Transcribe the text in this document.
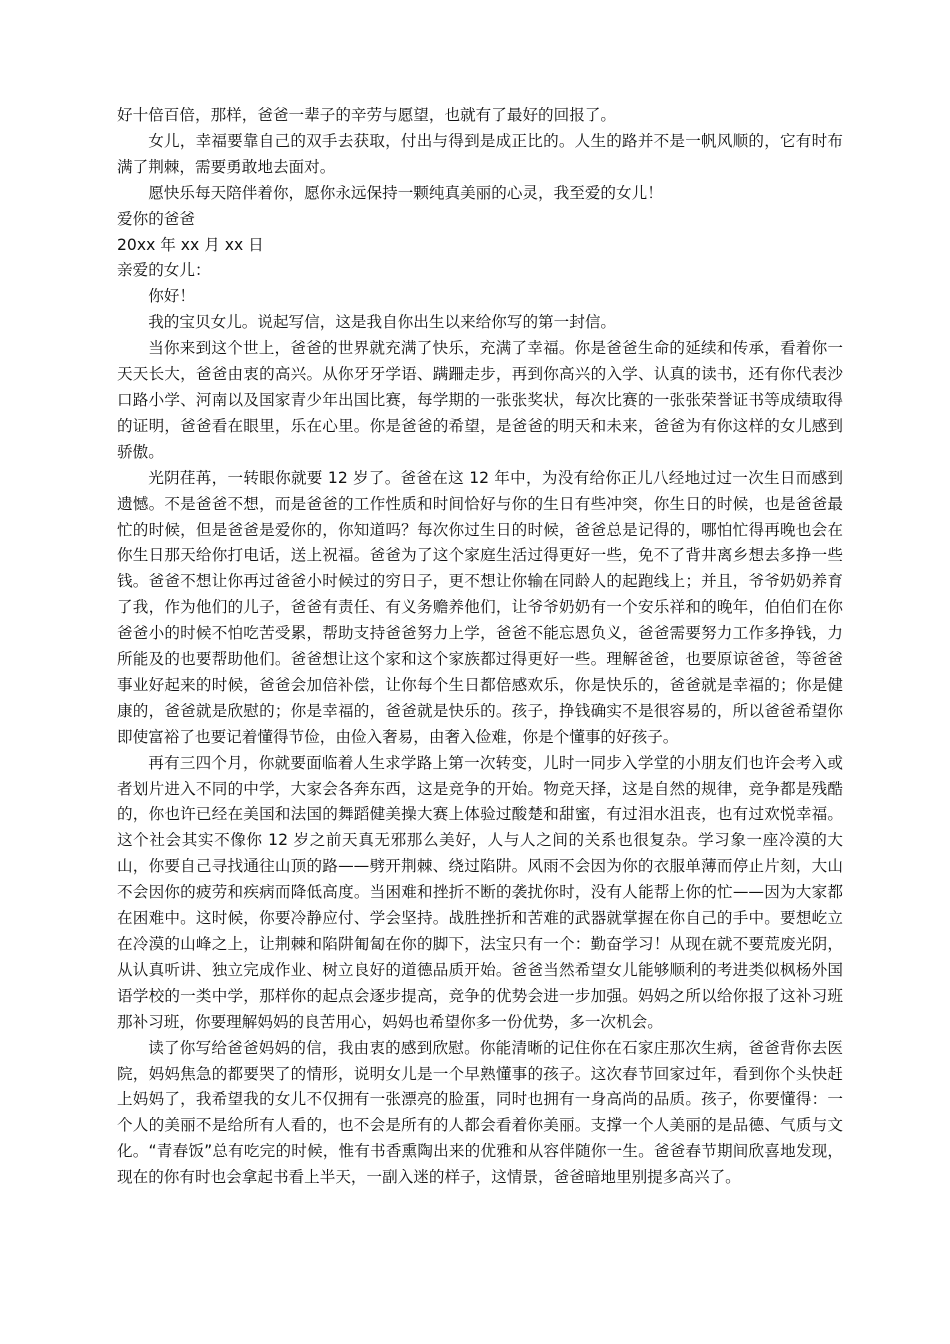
好十倍百倍，那样，爸爸一辈子的辛劳与愿望，也就有了最好的回报了。

女儿，幸福要靠自己的双手去获取，付出与得到是成正比的。人生的路并不是一帆风顺的，它有时布满了荆棘，需要勇敢地去面对。

愿快乐每天陪伴着你，愿你永远保持一颗纯真美丽的心灵，我至爱的女儿！

爱你的爸爸

20xx 年 xx 月 xx 日

亲爱的女儿：

你好！

我的宝贝女儿。说起写信，这是我自你出生以来给你写的第一封信。

当你来到这个世上，爸爸的世界就充满了快乐，充满了幸福。你是爸爸生命的延续和传承，看着你一天天长大，爸爸由衷的高兴。从你牙牙学语、蹒跚走步，再到你高兴的入学、认真的读书，还有你代表沙口路小学、河南以及国家青少年出国比赛，每学期的一张张奖状，每次比赛的一张张荣誉证书等成绩取得的证明，爸爸看在眼里，乐在心里。你是爸爸的希望，是爸爸的明天和未来，爸爸为有你这样的女儿感到骄傲。

光阴荏苒，一转眼你就要 12 岁了。爸爸在这 12 年中，为没有给你正儿八经地过过一次生日而感到遗憾。不是爸爸不想，而是爸爸的工作性质和时间恰好与你的生日有些冲突，你生日的时候，也是爸爸最忙的时候，但是爸爸是爱你的，你知道吗？每次你过生日的时候，爸爸总是记得的，哪怕忙得再晚也会在你生日那天给你打电话，送上祝福。爸爸为了这个家庭生活过得更好一些，免不了背井离乡想去多挣一些钱。爸爸不想让你再过爸爸小时候过的穷日子，更不想让你输在同龄人的起跑线上；并且，爷爷奶奶养育了我，作为他们的儿子，爸爸有责任、有义务赡养他们，让爷爷奶奶有一个安乐祥和的晚年，伯伯们在你爸爸小的时候不怕吃苦受累，帮助支持爸爸努力上学，爸爸不能忘恩负义，爸爸需要努力工作多挣钱，力所能及的也要帮助他们。爸爸想让这个家和这个家族都过得更好一些。理解爸爸，也要原谅爸爸，等爸爸事业好起来的时候，爸爸会加倍补偿，让你每个生日都倍感欢乐，你是快乐的，爸爸就是幸福的；你是健康的，爸爸就是欣慰的；你是幸福的，爸爸就是快乐的。孩子，挣钱确实不是很容易的，所以爸爸希望你即使富裕了也要记着懂得节俭，由俭入奢易，由奢入俭难，你是个懂事的好孩子。

再有三四个月，你就要面临着人生求学路上第一次转变，儿时一同步入学堂的小朋友们也许会考入或者划片进入不同的中学，大家会各奔东西，这是竞争的开始。物竞天择，这是自然的规律，竞争都是残酷的，你也许已经在美国和法国的舞蹈健美操大赛上体验过酸楚和甜蜜，有过泪水沮丧，也有过欢悦幸福。这个社会其实不像你 12 岁之前天真无邪那么美好，人与人之间的关系也很复杂。学习象一座冷漠的大山，你要自己寻找通往山顶的路——劈开荆棘、绕过陷阱。风雨不会因为你的衣服单薄而停止片刻，大山不会因你的疲劳和疾病而降低高度。当困难和挫折不断的袭扰你时，没有人能帮上你的忙——因为大家都在困难中。这时候，你要冷静应付、学会坚持。战胜挫折和苦难的武器就掌握在你自己的手中。要想屹立在冷漠的山峰之上，让荆棘和陷阱匍匐在你的脚下，法宝只有一个：勤奋学习！从现在就不要荒废光阴，从认真听讲、独立完成作业、树立良好的道德品质开始。爸爸当然希望女儿能够顺利的考进类似枫杨外国语学校的一类中学，那样你的起点会逐步提高，竞争的优势会进一步加强。妈妈之所以给你报了这补习班那补习班，你要理解妈妈的良苦用心，妈妈也希望你多一份优势，多一次机会。

读了你写给爸爸妈妈的信，我由衷的感到欣慰。你能清晰的记住你在石家庄那次生病，爸爸背你去医院，妈妈焦急的都要哭了的情形，说明女儿是一个早熟懂事的孩子。这次春节回家过年，看到你个头快赶上妈妈了，我希望我的女儿不仅拥有一张漂亮的脸蛋，同时也拥有一身高尚的品质。孩子，你要懂得：一个人的美丽不是给所有人看的，也不会是所有的人都会看着你美丽。支撑一个人美丽的是品德、气质与文化。“青春饭”总有吃完的时候，惟有书香熏陶出来的优雅和从容伴随你一生。爸爸春节期间欣喜地发现，现在的你有时也会拿起书看上半天，一副入迷的样子，这情景，爸爸暗地里别提多高兴了。
